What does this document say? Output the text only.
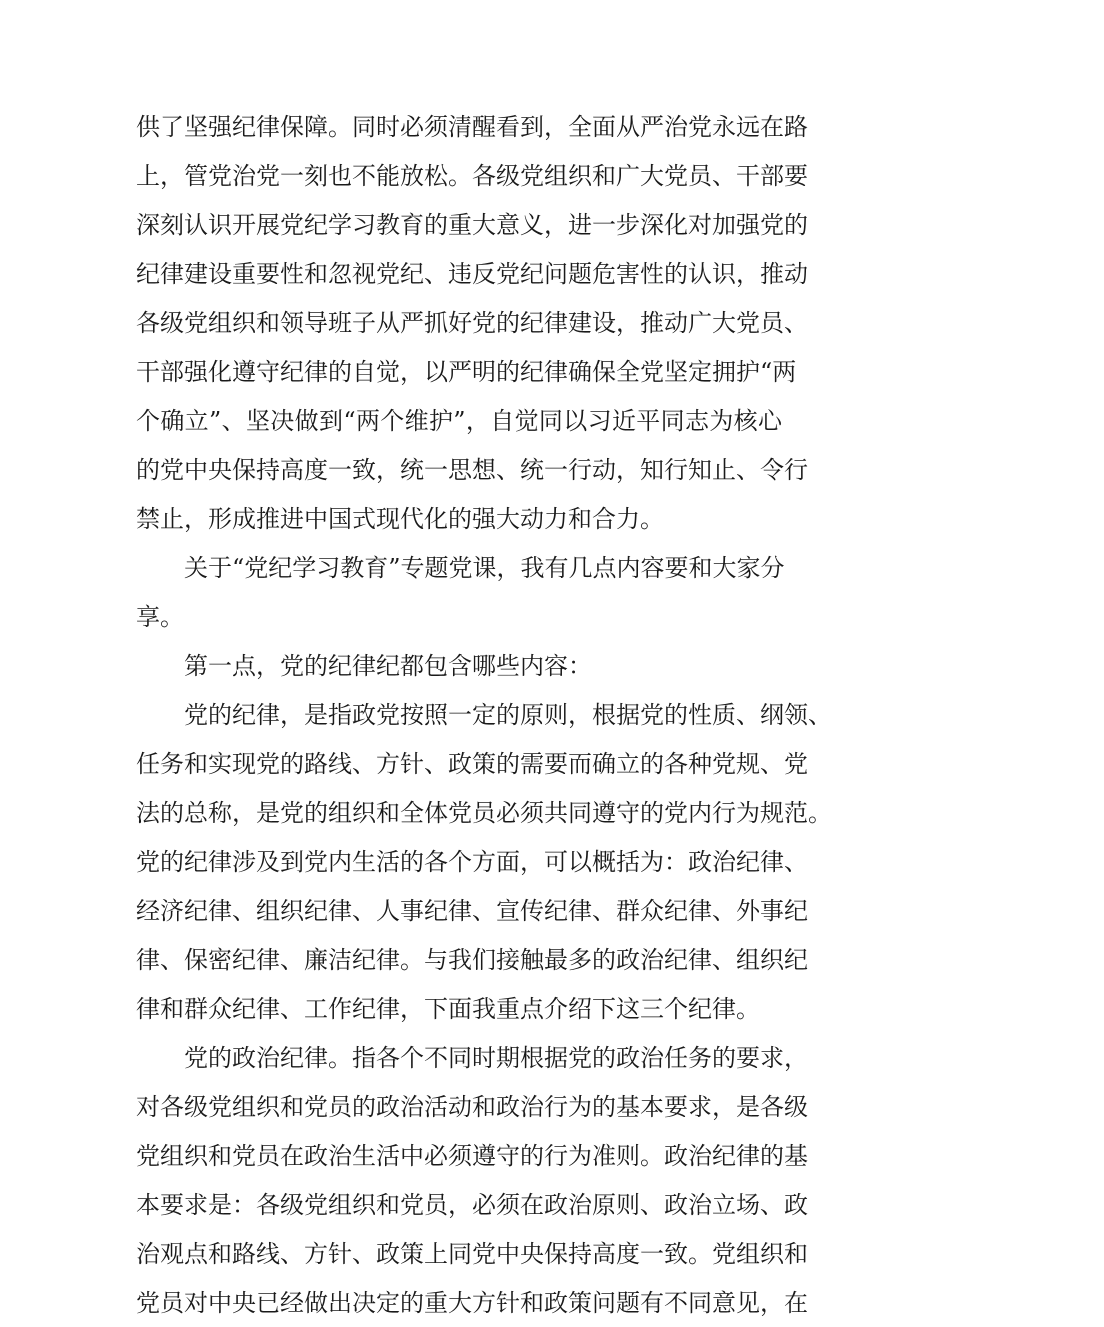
供了坚强纪律保障。同时必须清醒看到，全面从严治党永远在路
上，管党治党一刻也不能放松。各级党组织和广大党员、干部要
深刻认识开展党纪学习教育的重大意义，进一步深化对加强党的
纪律建设重要性和忽视党纪、违反党纪问题危害性的认识，推动
各级党组织和领导班子从严抓好党的纪律建设，推动广大党员、
干部强化遵守纪律的自觉，以严明的纪律确保全党坚定拥护“两
个确立”、坚决做到“两个维护”，自觉同以习近平同志为核心
的党中央保持高度一致，统一思想、统一行动，知行知止、令行
禁止，形成推进中国式现代化的强大动力和合力。
关于“党纪学习教育”专题党课，我有几点内容要和大家分
享。
第一点，党的纪律纪都包含哪些内容：
党的纪律，是指政党按照一定的原则，根据党的性质、纲领、
任务和实现党的路线、方针、政策的需要而确立的各种党规、党
法的总称，是党的组织和全体党员必须共同遵守的党内行为规范。
党的纪律涉及到党内生活的各个方面，可以概括为：政治纪律、
经济纪律、组织纪律、人事纪律、宣传纪律、群众纪律、外事纪
律、保密纪律、廉洁纪律。与我们接触最多的政治纪律、组织纪
律和群众纪律、工作纪律，下面我重点介绍下这三个纪律。
党的政治纪律。指各个不同时期根据党的政治任务的要求，
对各级党组织和党员的政治活动和政治行为的基本要求，是各级
党组织和党员在政治生活中必须遵守的行为准则。政治纪律的基
本要求是：各级党组织和党员，必须在政治原则、政治立场、政
治观点和路线、方针、政策上同党中央保持高度一致。党组织和
党员对中央已经做出决定的重大方针和政策问题有不同意见，在
